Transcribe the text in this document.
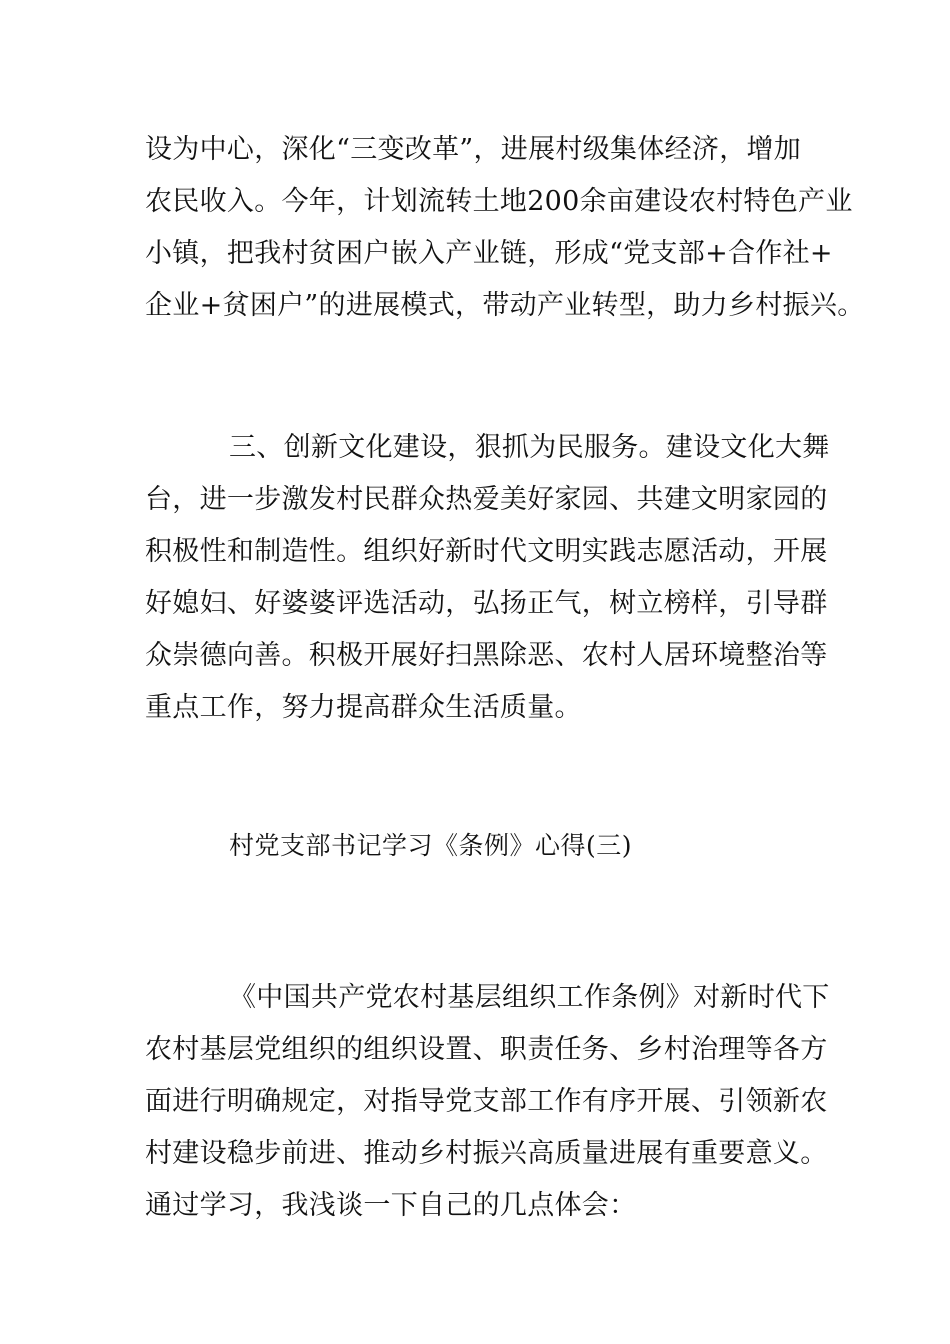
设为中心，深化“三变改革”，进展村级集体经济，增加
农民收入。今年，计划流转土地200余亩建设农村特色产业
小镇，把我村贫困户嵌入产业链，形成“党支部+合作社+
企业+贫困户”的进展模式，带动产业转型，助力乡村振兴。
三、创新文化建设，狠抓为民服务。建设文化大舞
台，进一步激发村民群众热爱美好家园、共建文明家园的
积极性和制造性。组织好新时代文明实践志愿活动，开展
好媳妇、好婆婆评选活动，弘扬正气，树立榜样，引导群
众崇德向善。积极开展好扫黑除恶、农村人居环境整治等
重点工作，努力提高群众生活质量。
村党支部书记学习《条例》心得(三)
《中国共产党农村基层组织工作条例》对新时代下
农村基层党组织的组织设置、职责任务、乡村治理等各方
面进行明确规定，对指导党支部工作有序开展、引领新农
村建设稳步前进、推动乡村振兴高质量进展有重要意义。
通过学习，我浅谈一下自己的几点体会：
